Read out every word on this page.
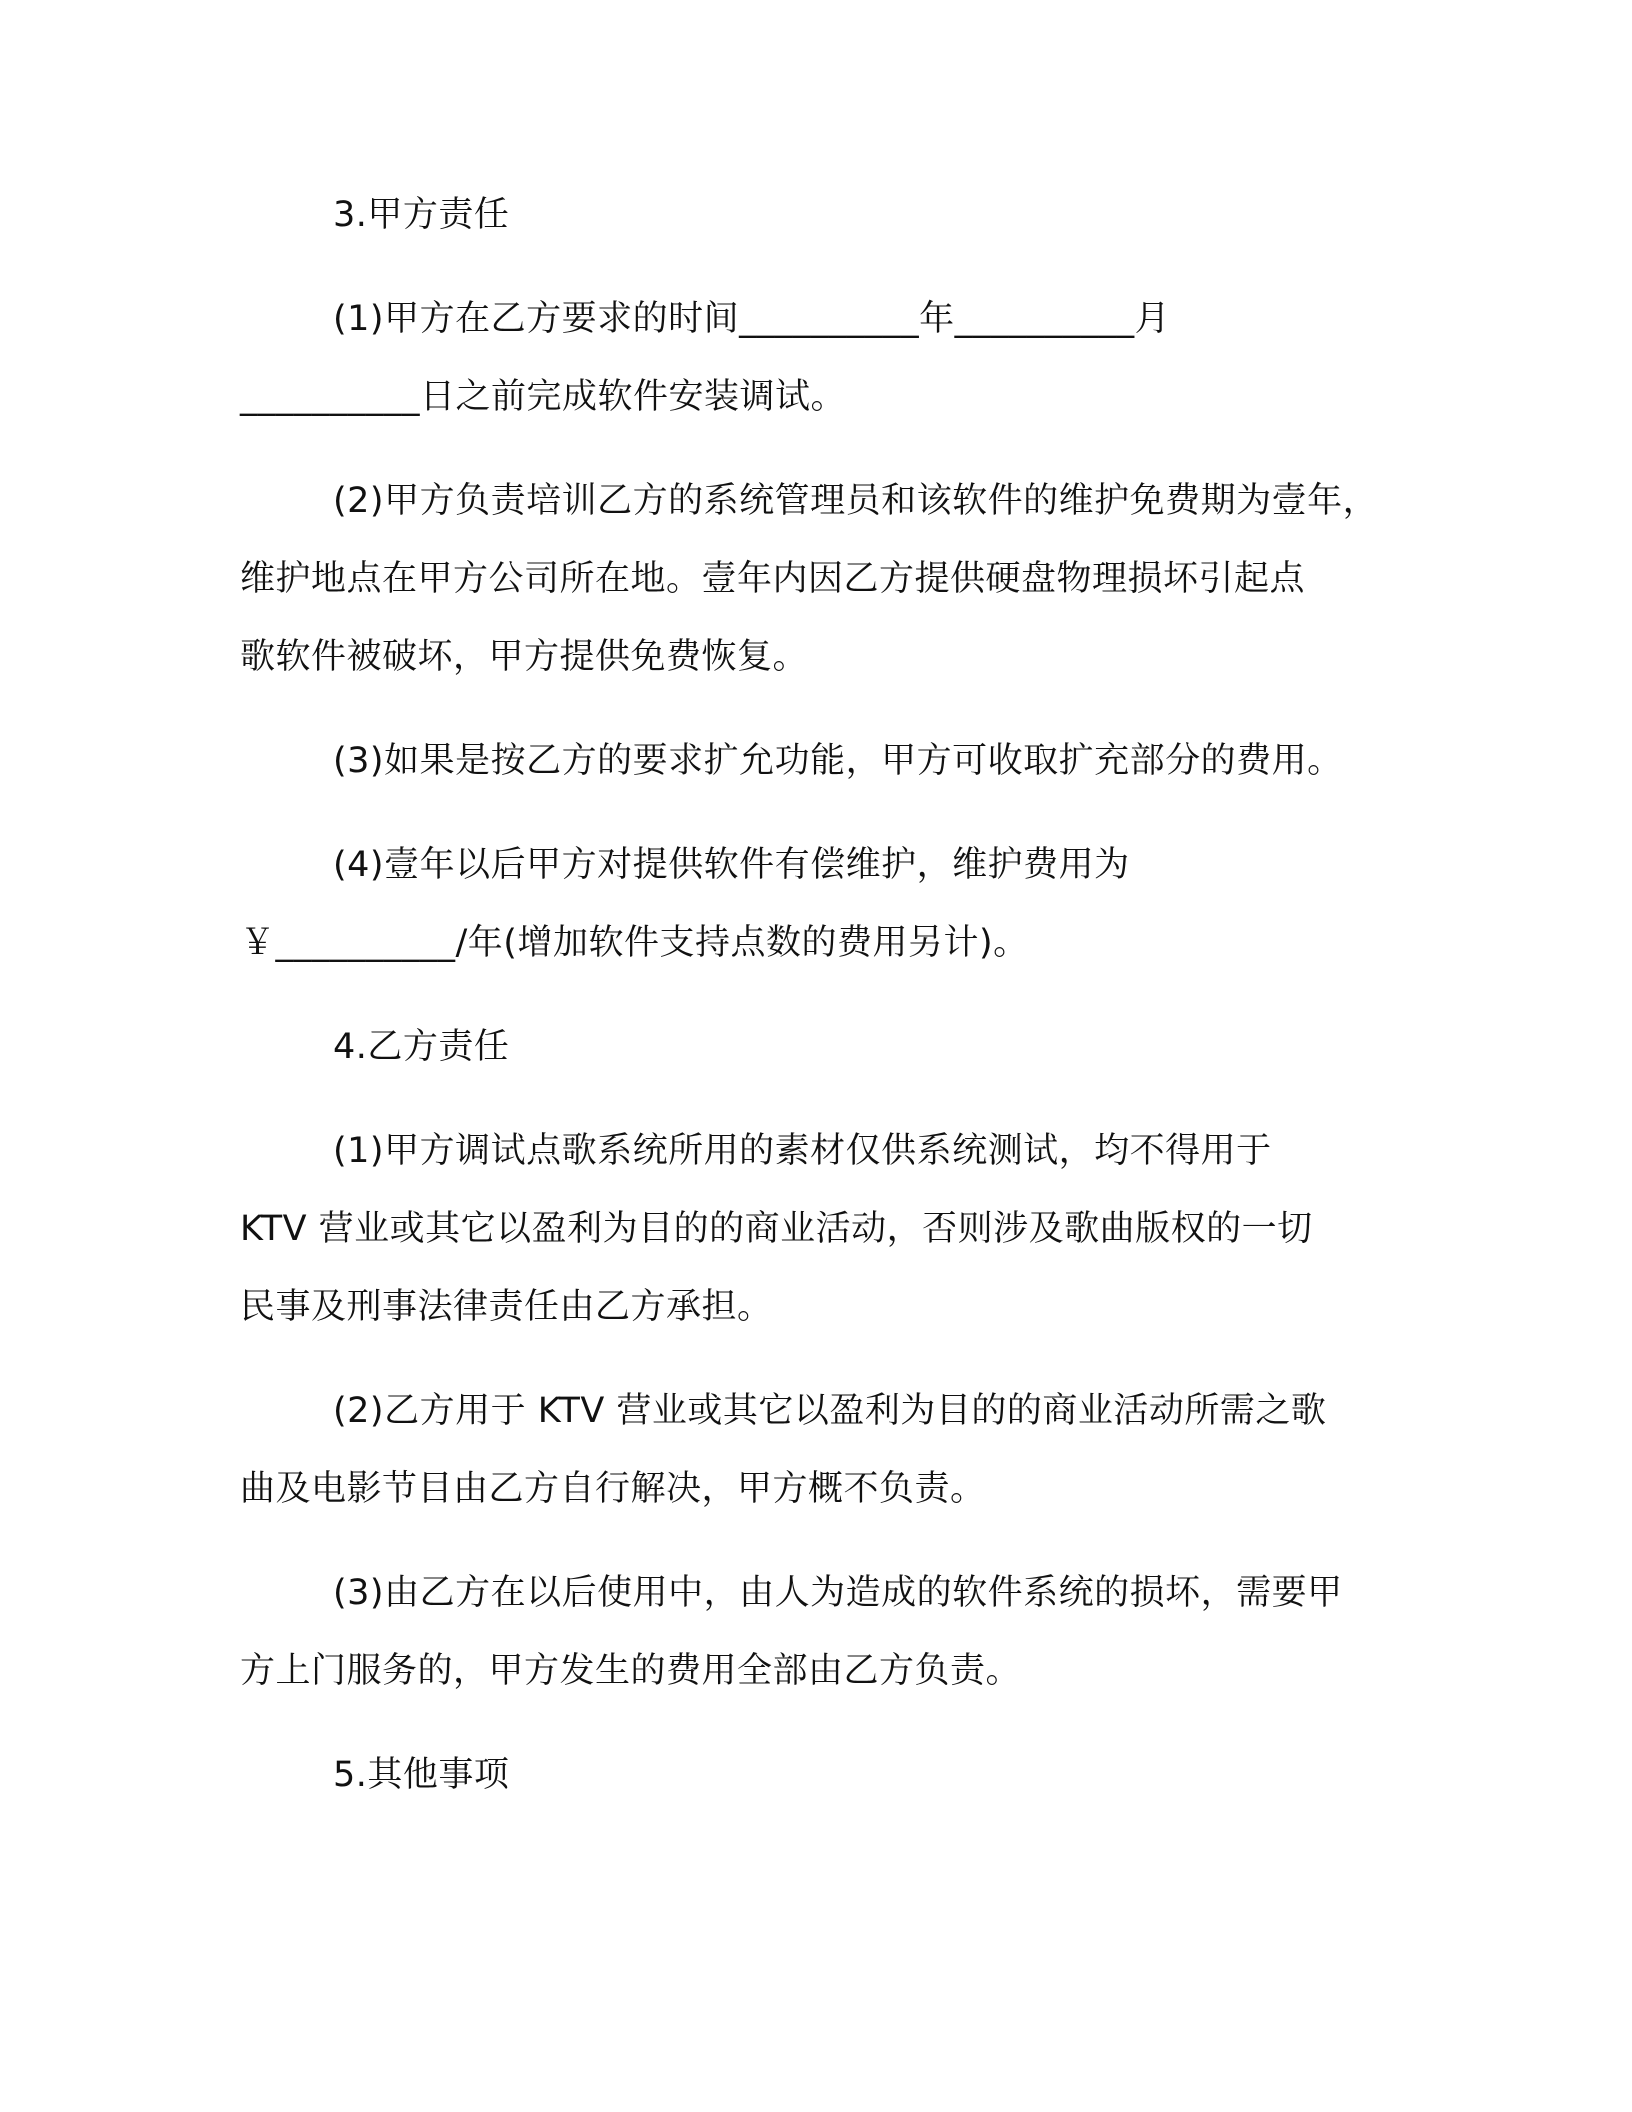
3.甲方责任
(1)甲方在乙方要求的时间__________年__________月
__________日之前完成软件安装调试。
(2)甲方负责培训乙方的系统管理员和该软件的维护免费期为壹年，
维护地点在甲方公司所在地。壹年内因乙方提供硬盘物理损坏引起点
歌软件被破坏，甲方提供免费恢复。
(3)如果是按乙方的要求扩允功能，甲方可收取扩充部分的费用。
(4)壹年以后甲方对提供软件有偿维护，维护费用为
￥__________/年(增加软件支持点数的费用另计)。
4.乙方责任
(1)甲方调试点歌系统所用的素材仅供系统测试，均不得用于
KTV 营业或其它以盈利为目的的商业活动，否则涉及歌曲版权的一切
民事及刑事法律责任由乙方承担。
(2)乙方用于 KTV 营业或其它以盈利为目的的商业活动所需之歌
曲及电影节目由乙方自行解决，甲方概不负责。
(3)由乙方在以后使用中，由人为造成的软件系统的损坏，需要甲
方上门服务的，甲方发生的费用全部由乙方负责。
5.其他事项
